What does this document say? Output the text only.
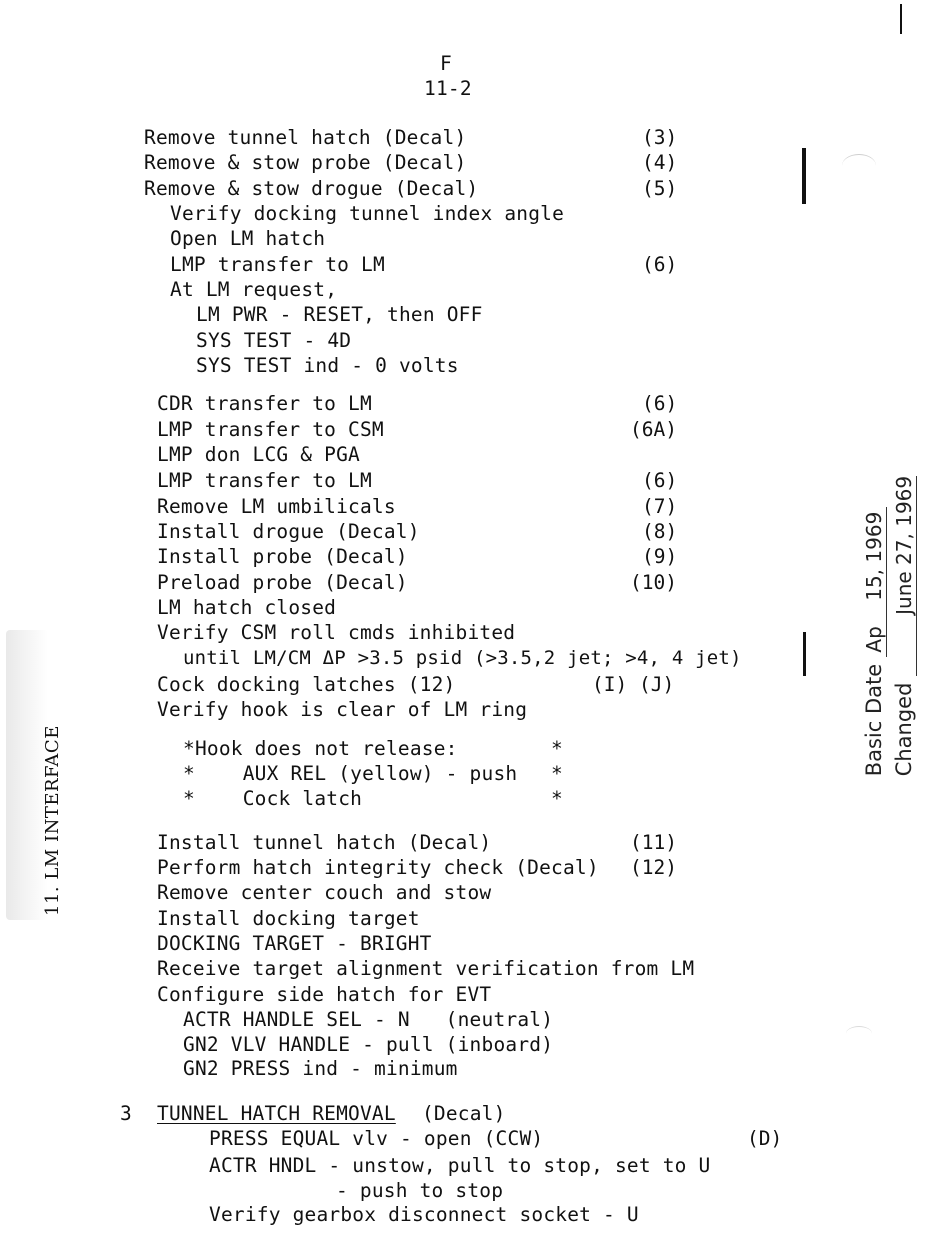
F
11-2
Remove tunnel hatch (Decal)	(3)
Remove & stow probe (Decal)	(4)
Remove & stow drogue (Decal)	(5)
Verify docking tunnel index angle
Open LM hatch
LMP transfer to LM	(6)
At LM request,
LM PWR - RESET, then OFF
SYS TEST - 4D
SYS TEST ind - 0 volts
CDR transfer to LM	(6)
LMP transfer to CSM	(6A)
LMP don LCG & PGA
LMP transfer to LM	(6)
Remove LM umbilicals	(7)
Install drogue (Decal)	(8)
Install probe (Decal)	(9)
Preload probe (Decal)	(10)
LM hatch closed
Verify CSM roll cmds inhibited
until LM/CM ΔP >3.5 psid (>3.5,2 jet; >4, 4 jet)
Cock docking latches (12)	(I) (J)
Verify hook is clear of LM ring
*Hook does not release:	*
*    AUX REL (yellow) - push *
*    Cock latch	*
Install tunnel hatch (Decal)	(11)
Perform hatch integrity check (Decal) (12)
Remove center couch and stow
Install docking target
DOCKING TARGET - BRIGHT
Receive target alignment verification from LM
Configure side hatch for EVT
ACTR HANDLE SEL - N   (neutral)
GN2 VLV HANDLE - pull (inboard)
GN2 PRESS ind - minimum
3 TUNNEL HATCH REMOVAL (Decal)
PRESS EQUAL vlv - open (CCW)	(D)
ACTR HNDL - unstow, pull to stop, set to U
- push to stop
Verify gearbox disconnect socket - U

Basic Date Ap    15, 1969

Changed June 27, 1969

11. LM INTERFACE
